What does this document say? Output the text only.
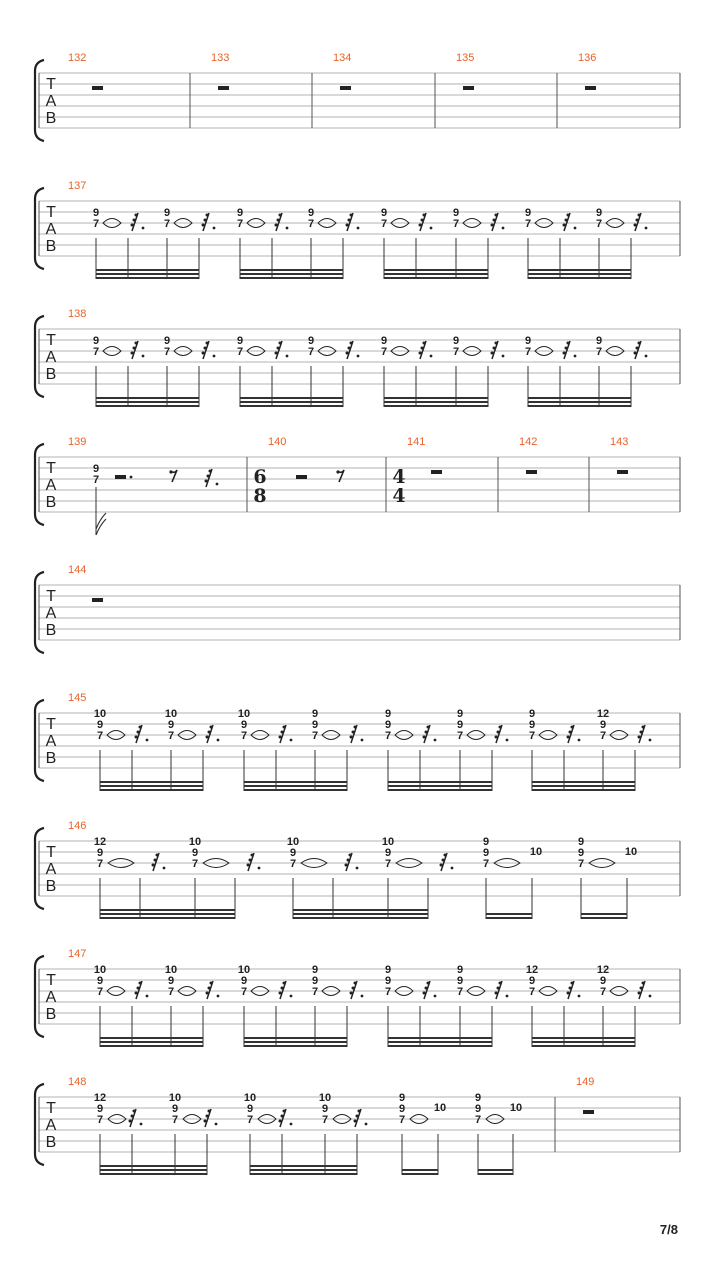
T
A
B
132	133	134	135	136
T
A
B
137
9
7
9
7
9
7
9
7
9
7
9
7
9
7
9
7
T
A
B
138
9
7
9
7
9
7
9
7
9
7
9
7
9
7
9
7
T
A
B
139
9
7
140
6
8
141
4
4
142	143
T
A
B
144
T
A
B
145
10
9
7
10
9
7
10
9
7
9
9
7
9
9
7
9
9
7
9
9
7
12
9
7
T
A
B
146
12
9
7
10
9
7
10
9
7
10
9
7
9
9
7
10
9
9
7
10
T
A
B
147
10
9
7
10
9
7
10
9
7
9
9
7
9
9
7
9
9
7
12
9
7
12
9
7
T
A
B
148
12
9
7
10
9
7
10
9
7
10
9
7
9
9
7
10
9
9
7
10
149
7/8
